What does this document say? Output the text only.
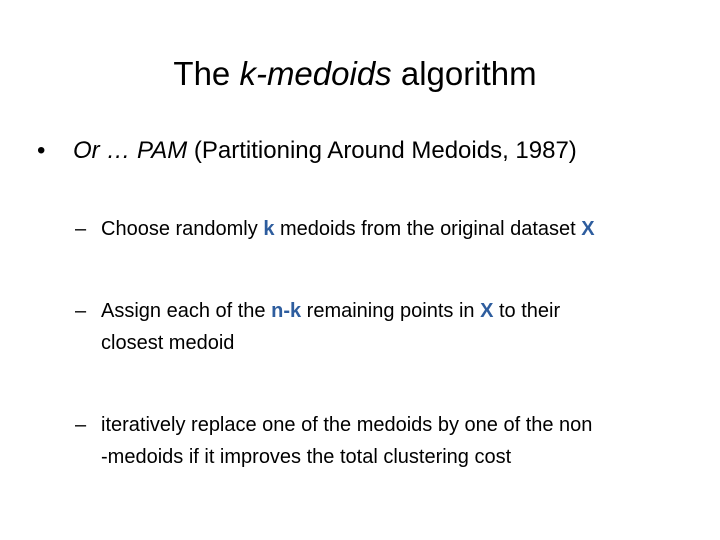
The k-medoids algorithm
• Or … PAM (Partitioning Around Medoids, 1987)
– Choose randomly k medoids from the original dataset X
– Assign each of the n-k remaining points in X to their
closest medoid
– iteratively replace one of the medoids by one of the non
-medoids if it improves the total clustering cost
